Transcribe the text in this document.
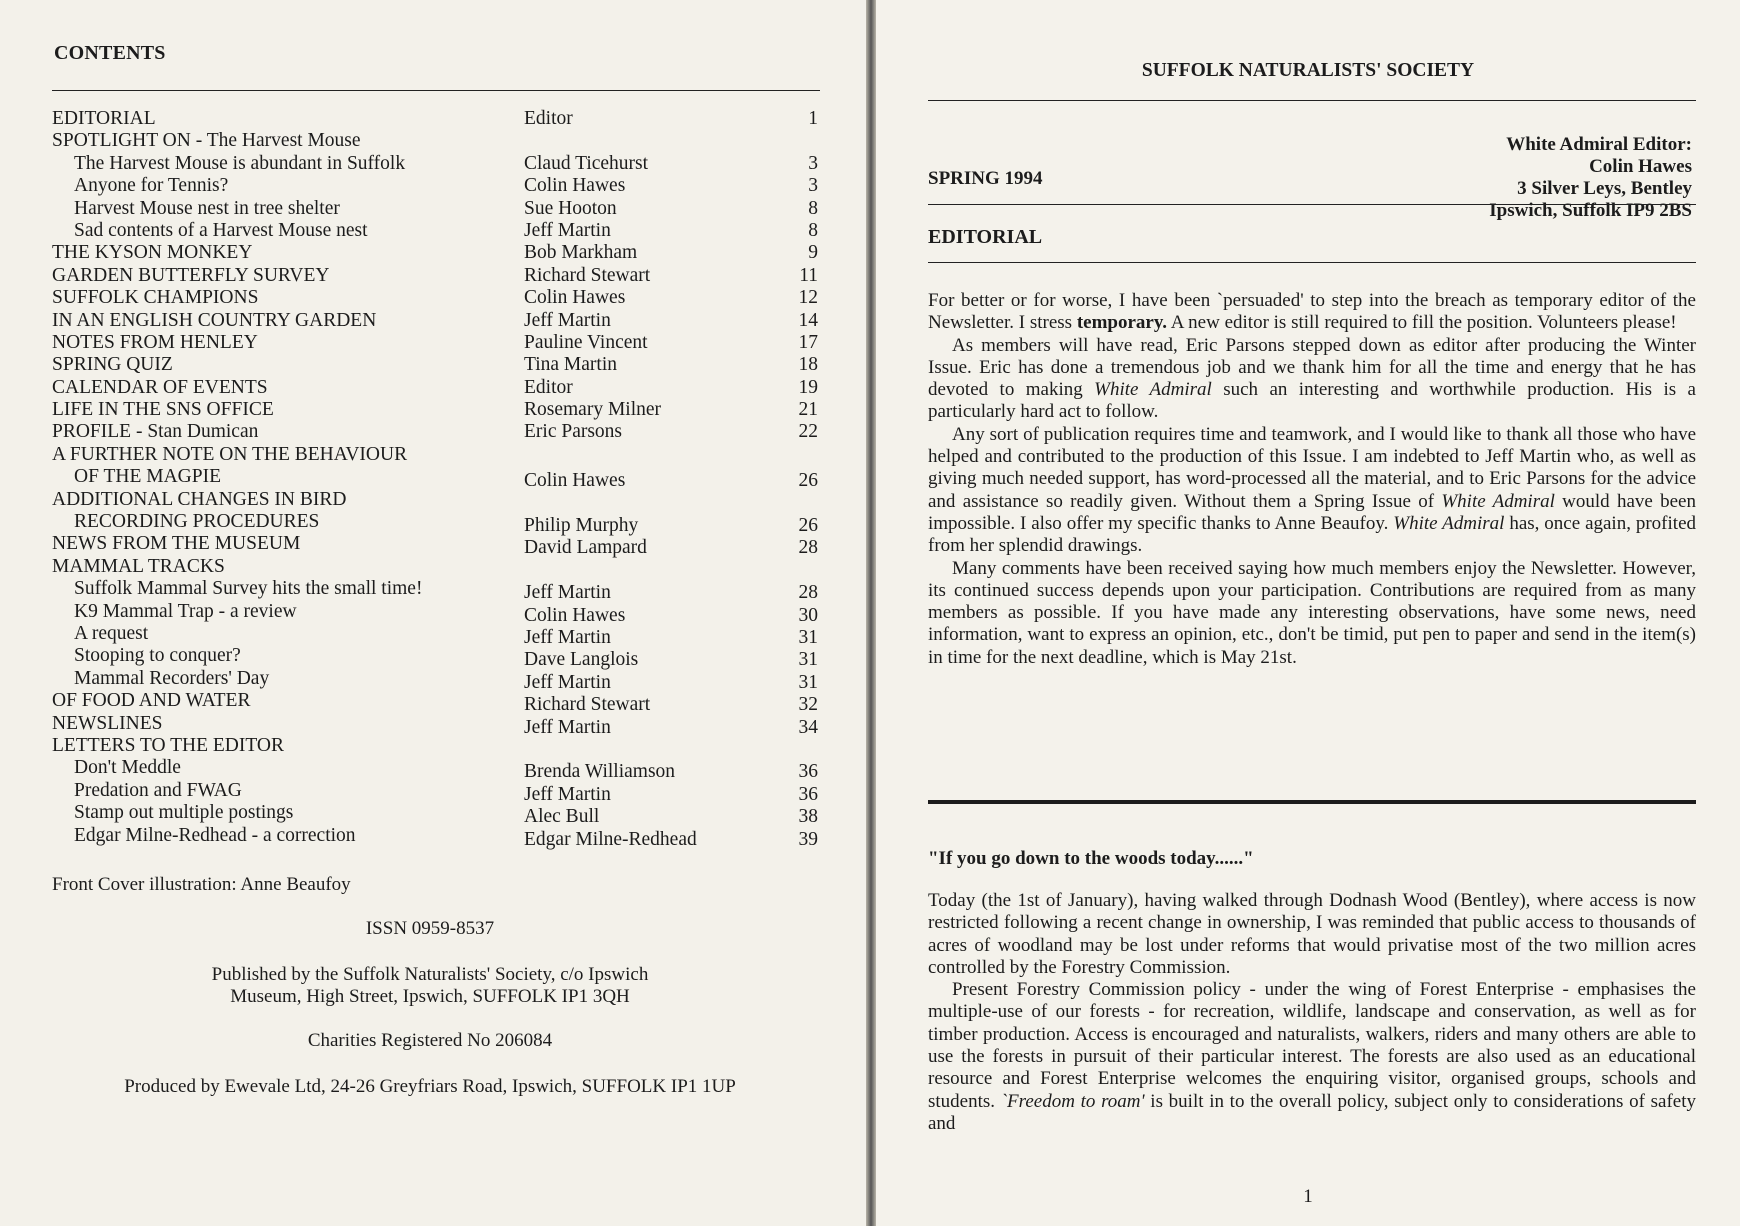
CONTENTS
EDITORIAL	Editor	1
SPOTLIGHT ON - The Harvest Mouse
The Harvest Mouse is abundant in Suffolk	Claud Ticehurst	3
Anyone for Tennis?	Colin Hawes	3
Harvest Mouse nest in tree shelter	Sue Hooton	8
Sad contents of a Harvest Mouse nest	Jeff Martin	8
THE KYSON MONKEY	Bob Markham	9
GARDEN BUTTERFLY SURVEY	Richard Stewart	11
SUFFOLK CHAMPIONS	Colin Hawes	12
IN AN ENGLISH COUNTRY GARDEN	Jeff Martin	14
NOTES FROM HENLEY	Pauline Vincent	17
SPRING QUIZ	Tina Martin	18
CALENDAR OF EVENTS	Editor	19
LIFE IN THE SNS OFFICE	Rosemary Milner	21
PROFILE - Stan Dumican	Eric Parsons	22
A FURTHER NOTE ON THE BEHAVIOUR
OF THE MAGPIE	Colin Hawes	26
ADDITIONAL CHANGES IN BIRD
RECORDING PROCEDURES	Philip Murphy	26
NEWS FROM THE MUSEUM	David Lampard	28
MAMMAL TRACKS
Suffolk Mammal Survey hits the small time!	Jeff Martin	28
K9 Mammal Trap - a review	Colin Hawes	30
A request	Jeff Martin	31
Stooping to conquer?	Dave Langlois	31
Mammal Recorders' Day	Jeff Martin	31
OF FOOD AND WATER	Richard Stewart	32
NEWSLINES	Jeff Martin	34
LETTERS TO THE EDITOR
Don't Meddle	Brenda Williamson	36
Predation and FWAG	Jeff Martin	36
Stamp out multiple postings	Alec Bull	38
Edgar Milne-Redhead - a correction	Edgar Milne-Redhead	39
Front Cover illustration: Anne Beaufoy
ISSN 0959-8537
Published by the Suffolk Naturalists' Society, c/o Ipswich
Museum, High Street, Ipswich, SUFFOLK IP1 3QH
Charities Registered No 206084
Produced by Ewevale Ltd, 24-26 Greyfriars Road, Ipswich, SUFFOLK IP1 1UP
SUFFOLK NATURALISTS' SOCIETY
White Admiral Editor:
Colin Hawes
3 Silver Leys, Bentley
Ipswich, Suffolk IP9 2BS
SPRING 1994
EDITORIAL

For better or for worse, I have been `persuaded' to step into the breach as temporary editor of the Newsletter. I stress temporary. A new editor is still required to fill the position. Volunteers please!

As members will have read, Eric Parsons stepped down as editor after producing the Winter Issue. Eric has done a tremendous job and we thank him for all the time and energy that he has devoted to making White Admiral such an interesting and worthwhile production. His is a particularly hard act to follow.

Any sort of publication requires time and teamwork, and I would like to thank all those who have helped and contributed to the production of this Issue. I am indebted to Jeff Martin who, as well as giving much needed support, has word-processed all the material, and to Eric Parsons for the advice and assistance so readily given. Without them a Spring Issue of White Admiral would have been impossible. I also offer my specific thanks to Anne Beaufoy. White Admiral has, once again, profited from her splendid drawings.

Many comments have been received saying how much members enjoy the Newsletter. However, its continued success depends upon your participation. Contributions are required from as many members as possible. If you have made any interesting observations, have some news, need information, want to express an opinion, etc., don't be timid, put pen to paper and send in the item(s) in time for the next deadline, which is May 21st.

"If you go down to the woods today......"

Today (the 1st of January), having walked through Dodnash Wood (Bentley), where access is now restricted following a recent change in ownership, I was reminded that public access to thousands of acres of woodland may be lost under reforms that would privatise most of the two million acres controlled by the Forestry Commission.

Present Forestry Commission policy - under the wing of Forest Enterprise - emphasises the multiple-use of our forests - for recreation, wildlife, landscape and conservation, as well as for timber production. Access is encouraged and naturalists, walkers, riders and many others are able to use the forests in pursuit of their particular interest. The forests are also used as an educational resource and Forest Enterprise welcomes the enquiring visitor, organised groups, schools and students. `Freedom to roam' is built in to the overall policy, subject only to considerations of safety and

1
